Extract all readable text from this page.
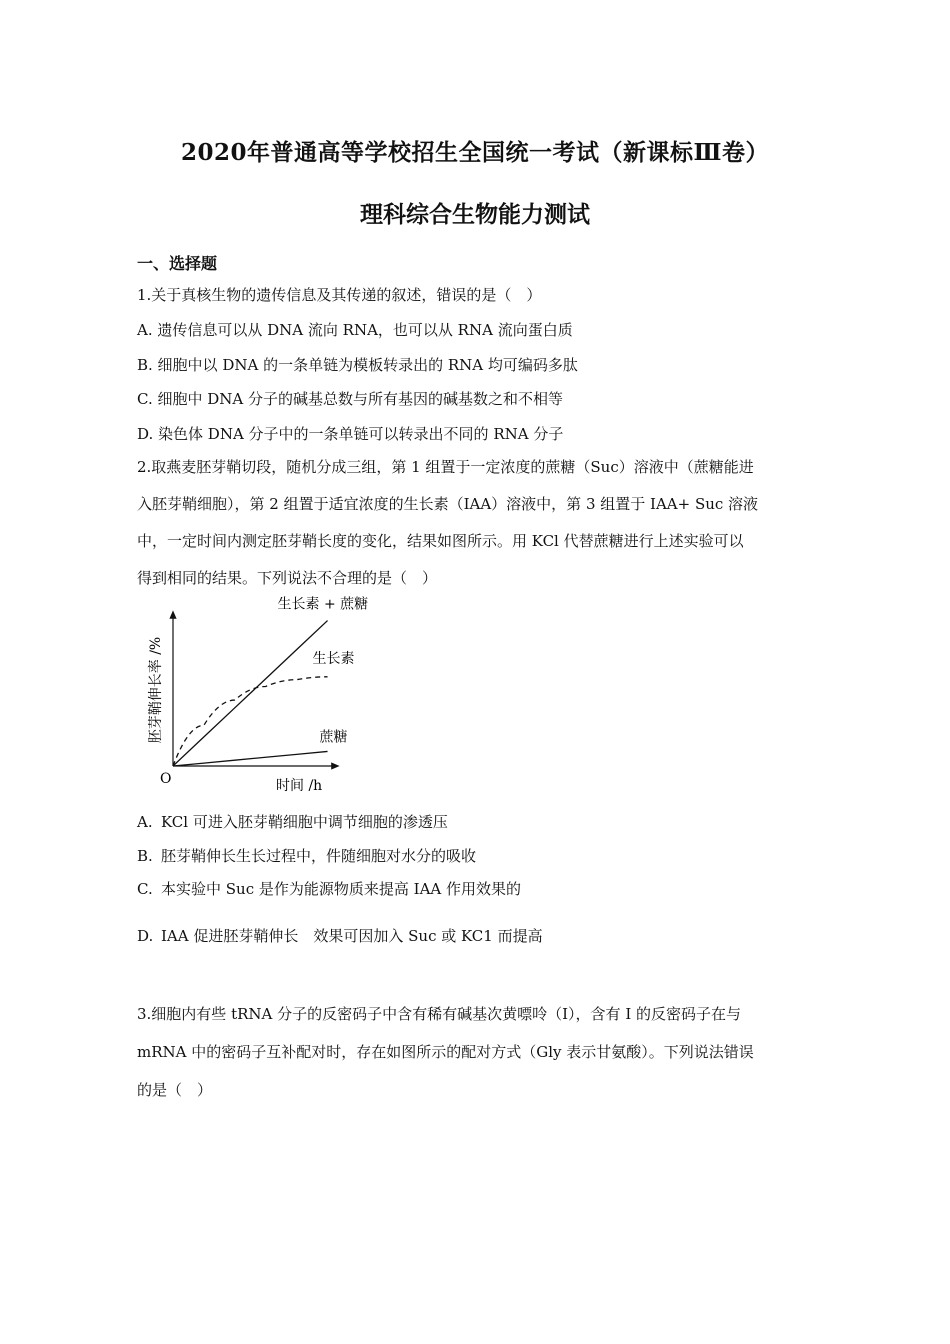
2020年普通高等学校招生全国统一考试（新课标Ⅲ卷）
理科综合生物能力测试
一、选择题
1.关于真核生物的遗传信息及其传递的叙述，错误的是（　）
A. 遗传信息可以从 DNA 流向 RNA，也可以从 RNA 流向蛋白质
B. 细胞中以 DNA 的一条单链为模板转录出的 RNA 均可编码多肽
C. 细胞中 DNA 分子的碱基总数与所有基因的碱基数之和不相等
D. 染色体 DNA 分子中的一条单链可以转录出不同的 RNA 分子
2.取燕麦胚芽鞘切段，随机分成三组，第 1 组置于一定浓度的蔗糖（Suc）溶液中（蔗糖能进
入胚芽鞘细胞），第 2 组置于适宜浓度的生长素（IAA）溶液中，第 3 组置于 IAA+ Suc 溶液
中，一定时间内测定胚芽鞘长度的变化，结果如图所示。用 KCl 代替蔗糖进行上述实验可以
得到相同的结果。下列说法不合理的是（　）
O	时间 /h
胚芽鞘伸长率 /%
生长素 + 蔗糖
生长素
蔗糖
A. KCl 可进入胚芽鞘细胞中调节细胞的渗透压
B. 胚芽鞘伸长生长过程中，件随细胞对水分的吸收
C. 本实验中 Suc 是作为能源物质来提高 IAA 作用效果的
D. IAA 促进胚芽鞘伸长　效果可因加入 Suc 或 KC1 而提高
3.细胞内有些 tRNA 分子的反密码子中含有稀有碱基次黄嘌呤（I），含有 I 的反密码子在与
mRNA 中的密码子互补配对时，存在如图所示的配对方式（Gly 表示甘氨酸）。下列说法错误
的是（　）
